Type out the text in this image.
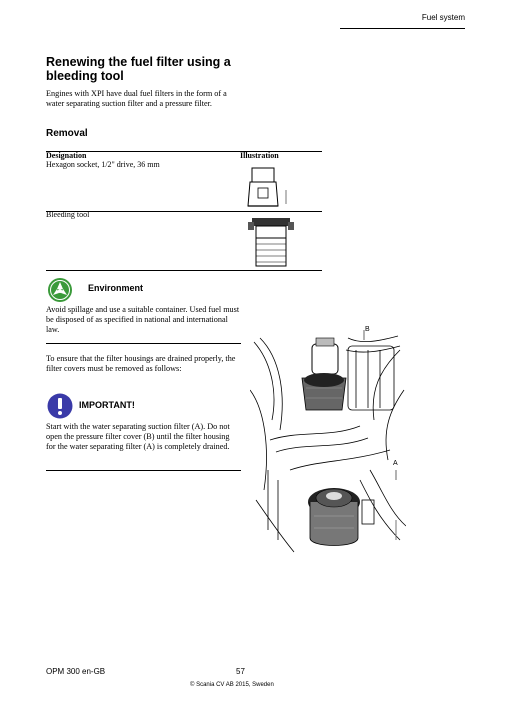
Fuel system
Renewing the fuel filter using a bleeding tool
Engines with XPI have dual fuel filters in the form of a water separating suction filter and a pressure filter.
Removal
Designation	Illustration
Hexagon socket, 1/2" drive, 36 mm
Bleeding tool
Environment
Avoid spillage and use a suitable container. Used fuel must be disposed of as specified in national and international law.
To ensure that the filter housings are drained properly, the filter covers must be removed as follows:
IMPORTANT!
Start with the water separating suction filter (A). Do not open the pressure filter cover (B) until the filter housing for the water separating filter (A) is completely drained.
B
A
OPM 300 en-GB	57
© Scania CV AB 2015, Sweden
